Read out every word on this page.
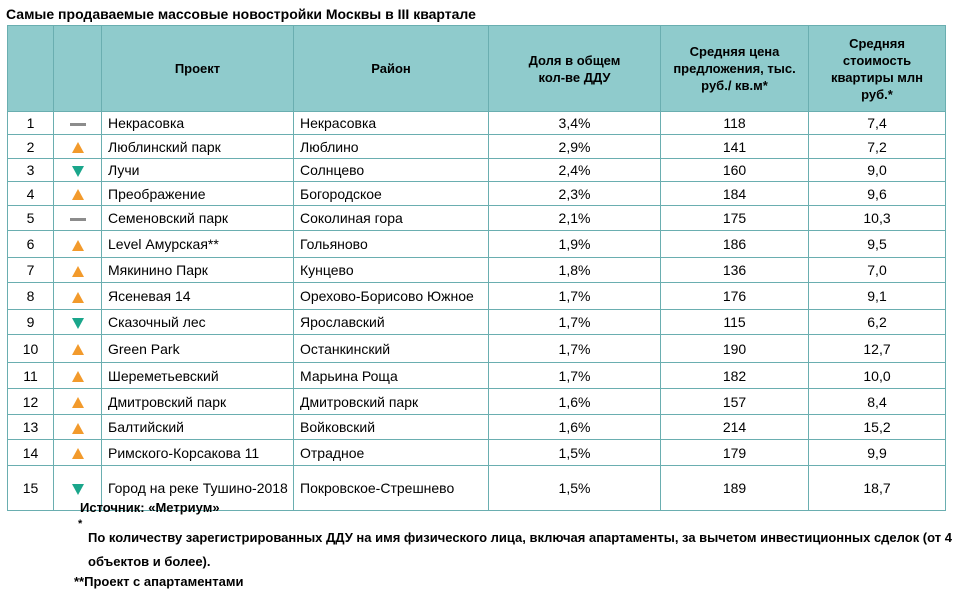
Самые продаваемые массовые новостройки Москвы в III квартале
		Проект	Район	Доля в общем кол-ве ДДУ	Средняя цена предложения, тыс. руб./ кв.м*	Средняя стоимость квартиры млн руб.*

1		Некрасовка	Некрасовка	3,4%	118	7,4
2		Люблинский парк	Люблино	2,9%	141	7,2
3		Лучи	Солнцево	2,4%	160	9,0
4		Преображение	Богородское	2,3%	184	9,6
5		Семеновский парк	Соколиная гора	2,1%	175	10,3
6		Level Амурская**	Гольяново	1,9%	186	9,5
7		Мякинино Парк	Кунцево	1,8%	136	7,0
8		Ясеневая 14	Орехово-Борисово Южное	1,7%	176	9,1
9		Сказочный лес	Ярославский	1,7%	115	6,2
10		Green Park	Останкинский	1,7%	190	12,7
11		Шереметьевский	Марьина Роща	1,7%	182	10,0
12		Дмитровский парк	Дмитровский парк	1,6%	157	8,4
13		Балтийский	Войковский	1,6%	214	15,2
14		Римского-Корсакова 11	Отрадное	1,5%	179	9,9
15		Город на реке Тушино-2018	Покровское-Стрешнево	1,5%	189	18,7
Источник: «Метриум»
*
По количеству зарегистрированных ДДУ на имя физического лица, включая апартаменты, за вычетом инвестиционных сделок (от 4 объектов и более).
**Проект с апартаментами
